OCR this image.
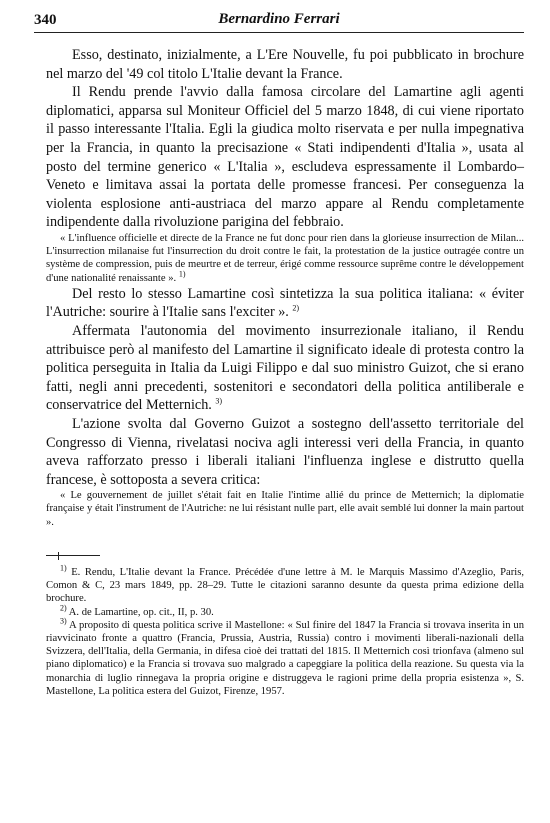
340	Bernardino Ferrari

Esso, destinato, inizialmente, a L'Ere Nouvelle, fu poi pubblicato in brochure nel marzo del '49 col titolo L'Italie devant la France.

Il Rendu prende l'avvio dalla famosa circolare del Lamartine agli agenti diplomatici, apparsa sul Moniteur Officiel del 5 marzo 1848, di cui viene riportato il passo interessante l'Italia. Egli la giudica molto riservata e per nulla impegnativa per la Francia, in quanto la precisazione « Stati indipendenti d'Italia », usata al posto del termine generico « L'Italia », escludeva espressamente il Lombardo–Veneto e limitava assai la portata delle promesse francesi. Per conseguenza la violenta esplosione anti-austriaca del marzo appare al Rendu completamente indipendente dalla rivoluzione parigina del febbraio.

« L'influence officielle et directe de la France ne fut donc pour rien dans la glorieuse insurrection de Milan... L'insurrection milanaise fut l'insurrection du droit contre le fait, la protestation de la justice outragée contre un système de compression, puis de meurtre et de terreur, érigé comme ressource suprême contre le développement d'une nationalité renaissante ». $^{1)}$

Del resto lo stesso Lamartine così sintetizza la sua politica italiana: « éviter l'Autriche: sourire à l'Italie sans l'exciter ». $^{2)}$

Affermata l'autonomia del movimento insurrezionale italiano, il Rendu attribuisce però al manifesto del Lamartine il significato ideale di protesta contro la politica perseguita in Italia da Luigi Filippo e dal suo ministro Guizot, che si erano fatti, negli anni precedenti, sostenitori e secondatori della politica antiliberale e conservatrice del Metternich. $^{3)}$

L'azione svolta dal Governo Guizot a sostegno dell'assetto territoriale del Congresso di Vienna, rivelatasi nociva agli interessi veri della Francia, in quanto aveva rafforzato presso i liberali italiani l'influenza inglese e distrutto quella francese, è sottoposta a severa critica:

« Le gouvernement de juillet s'était fait en Italie l'intime allié du prince de Metternich; la diplomatie française y était l'instrument de l'Autriche: ne lui résistant nulle part, elle avait semblé lui donner la main partout ».

$^{1)}$ E. Rendu, L'Italie devant la France. Précédée d'une lettre à M. le Marquis Massimo d'Azeglio, Paris, Comon & C, 23 mars 1849, pp. 28–29. Tutte le citazioni saranno desunte da questa prima edizione della brochure.

$^{2)}$ A. de Lamartine, op. cit., II, p. 30.

$^{3)}$ A proposito di questa politica scrive il Mastellone: « Sul finire del 1847 la Francia si trovava inserita in un riavvicinato fronte a quattro (Francia, Prussia, Austria, Russia) contro i movimenti liberali-nazionali della Svizzera, dell'Italia, della Germania, in difesa cioè dei trattati del 1815. Il Metternich così trionfava (almeno sul piano diplomatico) e la Francia si trovava suo malgrado a capeggiare la politica della reazione. Su questa via la monarchia di luglio rinnegava la propria origine e distruggeva le ragioni prime della propria esistenza », S. Mastellone, La politica estera del Guizot, Firenze, 1957.
